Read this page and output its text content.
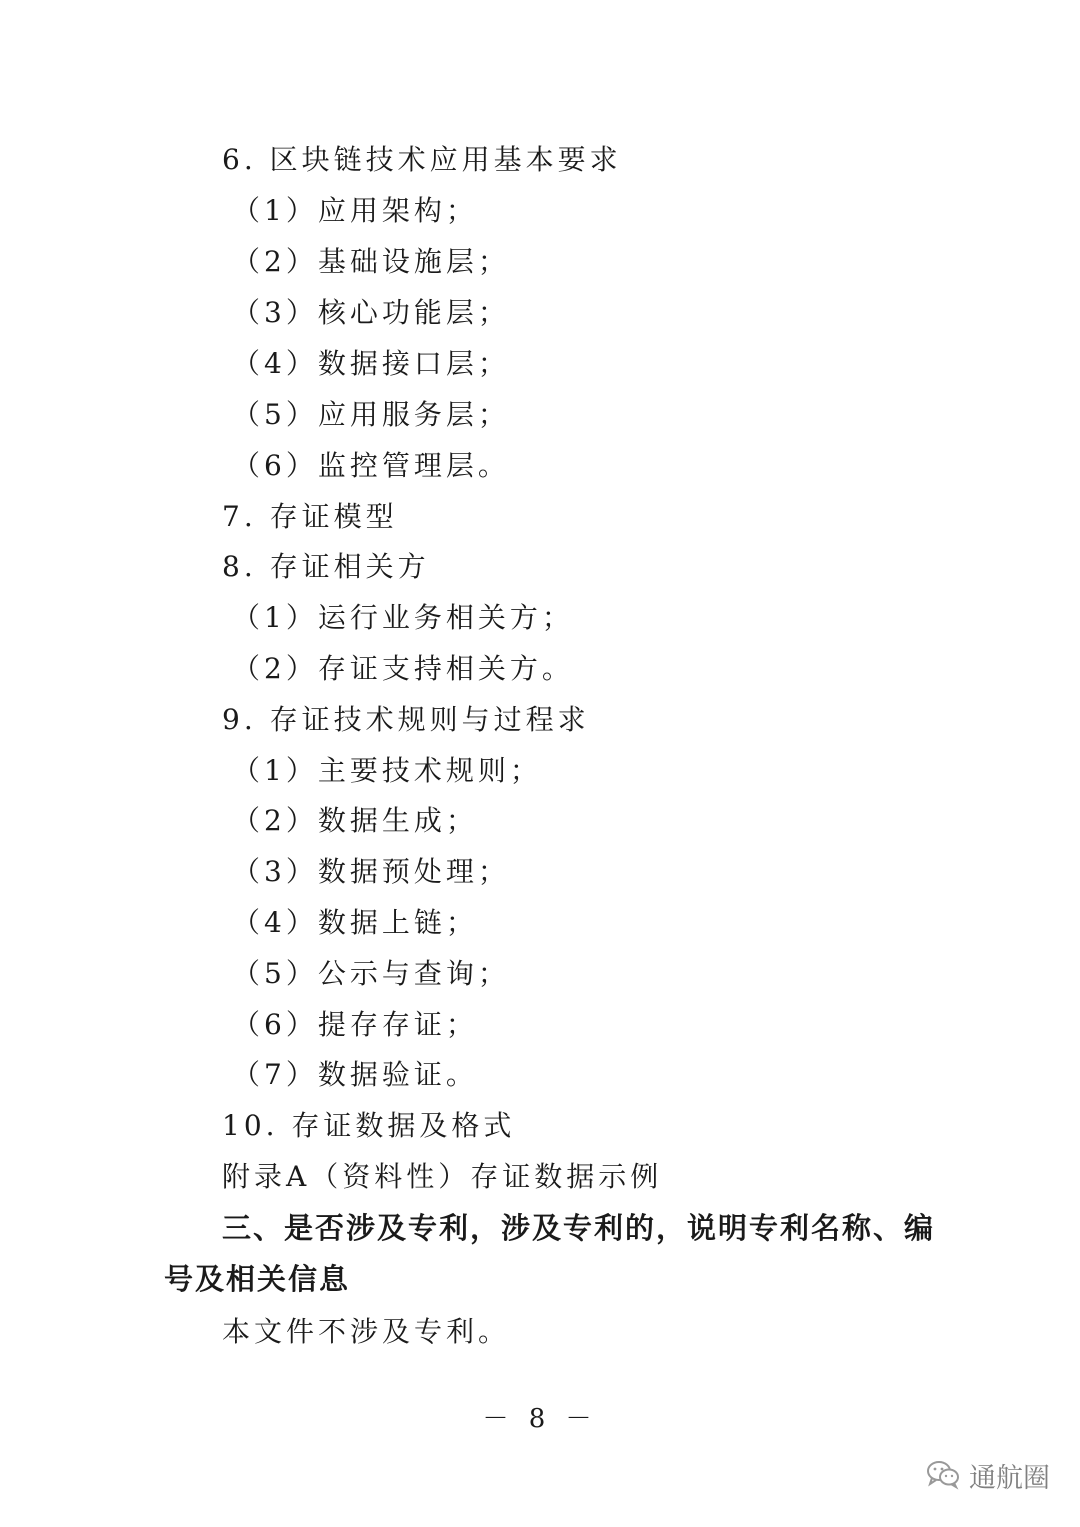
6. 区块链技术应用基本要求
（1）应用架构；
（2）基础设施层；
（3）核心功能层；
（4）数据接口层；
（5）应用服务层；
（6）监控管理层。
7. 存证模型
8. 存证相关方
（1）运行业务相关方；
（2）存证支持相关方。
9. 存证技术规则与过程求
（1）主要技术规则；
（2）数据生成；
（3）数据预处理；
（4）数据上链；
（5）公示与查询；
（6）提存存证；
（7）数据验证。
10. 存证数据及格式
附录A（资料性）存证数据示例
三、是否涉及专利，涉及专利的，说明专利名称、编
号及相关信息
本文件不涉及专利。
－ 8 －
通航圈
